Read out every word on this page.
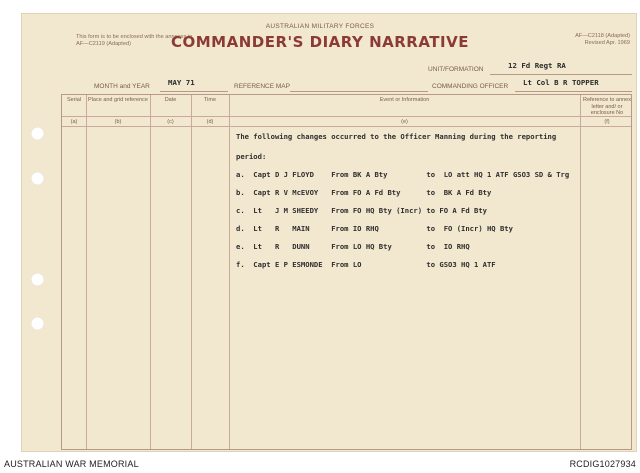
This form is to be enclosed with the annexes in AF—C2119 (Adapted)
AUSTRALIAN MILITARY FORCES
COMMANDER'S DIARY NARRATIVE	AF—C2118 (Adapted)
Revised Apr. 1969
UNIT/FORMATION	12 Fd Regt RA
MONTH and YEAR MAY 71	REFERENCE MAP	COMMANDING OFFICER Lt Col B R TOPPER
Serial	Place and grid reference	Date	Time	Event or Information	Reference to annex letter and/ or enclosure No
(a)	(b)	(c)	(d)	(e)	(f)
The following changes occurred to the Officer Manning during the reporting
period:
a.  Capt D J FLOYD    From BK A Bty         to  LO att HQ 1 ATF GSO3 SD & Trg
b.  Capt R V McEVOY   From FO A Fd Bty      to  BK A Fd Bty
c.  Lt   J M SHEEDY   From FO HQ Bty (Incr) to FO A Fd Bty
d.  Lt   R   MAIN     From IO RHQ           to  FO (Incr) HQ Bty
e.  Lt   R   DUNN     From LO HQ Bty        to  IO RHQ
f.  Capt E P ESMONDE  From LO               to GSO3 HQ 1 ATF
AUSTRALIAN WAR MEMORIAL	RCDIG1027934
